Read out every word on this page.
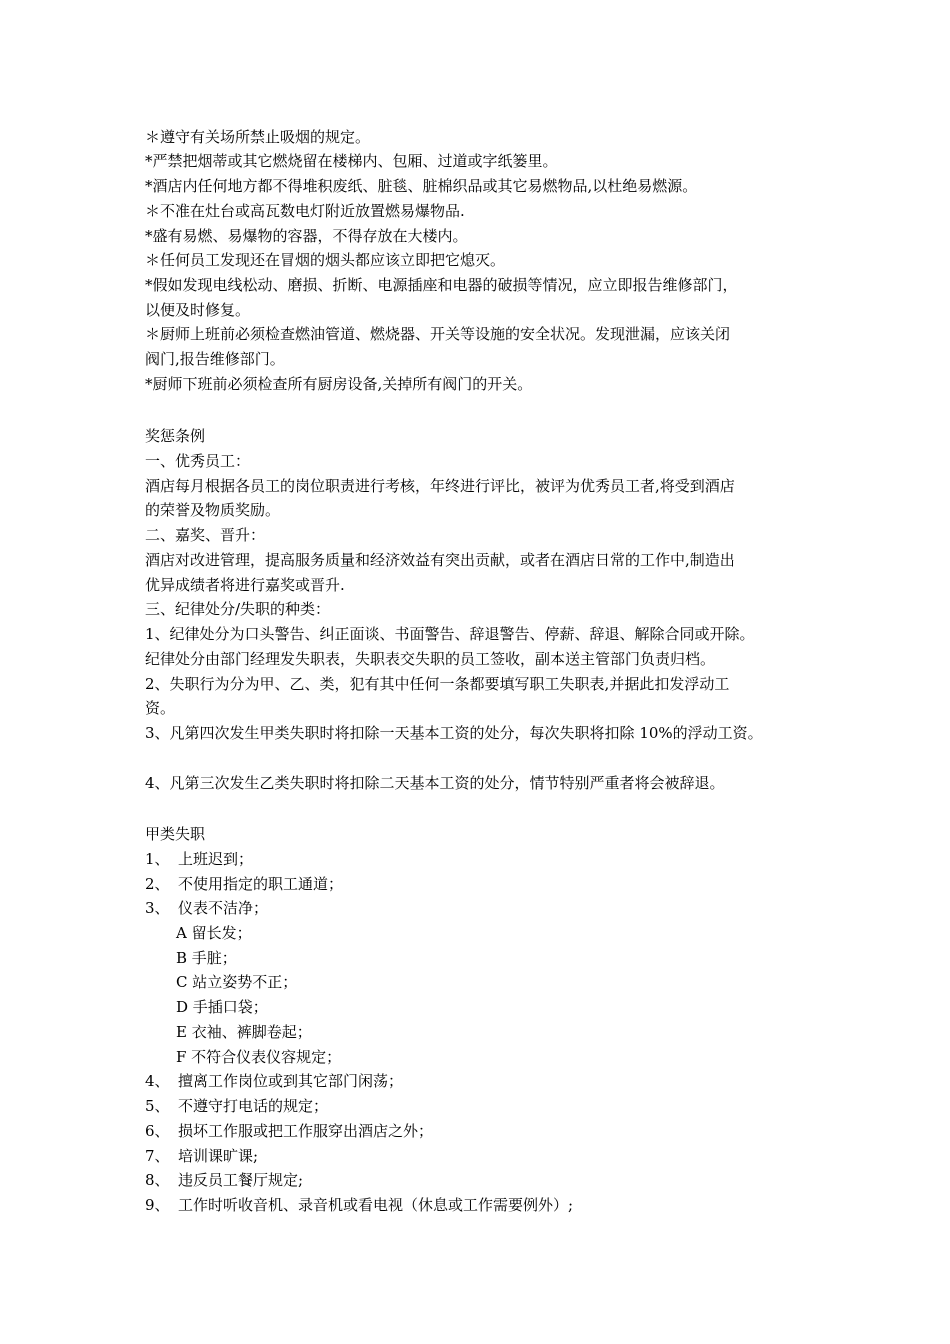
＊遵守有关场所禁止吸烟的规定。
*严禁把烟蒂或其它燃烧留在楼梯内、包厢、过道或字纸篓里。
*酒店内任何地方都不得堆积废纸、脏毯、脏棉织品或其它易燃物品,以杜绝易燃源。
＊不准在灶台或高瓦数电灯附近放置燃易爆物品.
*盛有易燃、易爆物的容器，不得存放在大楼内。
＊任何员工发现还在冒烟的烟头都应该立即把它熄灭。
*假如发现电线松动、磨损、折断、电源插座和电器的破损等情况，应立即报告维修部门，
以便及时修复。
＊厨师上班前必须检查燃油管道、燃烧器、开关等设施的安全状况。发现泄漏，应该关闭
阀门,报告维修部门。
*厨师下班前必须检查所有厨房设备,关掉所有阀门的开关。
奖惩条例
一、优秀员工：
酒店每月根据各员工的岗位职责进行考核，年终进行评比，被评为优秀员工者,将受到酒店
的荣誉及物质奖励。
二、嘉奖、晋升：
酒店对改进管理，提高服务质量和经济效益有突出贡献，或者在酒店日常的工作中,制造出
优异成绩者将进行嘉奖或晋升.
三、纪律处分/失职的种类：
1、纪律处分为口头警告、纠正面谈、书面警告、辞退警告、停薪、辞退、解除合同或开除。
纪律处分由部门经理发失职表，失职表交失职的员工签收，副本送主管部门负责归档。
2、失职行为分为甲、乙、类，犯有其中任何一条都要填写职工失职表,并据此扣发浮动工
资。
3、凡第四次发生甲类失职时将扣除一天基本工资的处分，每次失职将扣除 10%的浮动工资。
4、凡第三次发生乙类失职时将扣除二天基本工资的处分，情节特别严重者将会被辞退。
甲类失职
1、 上班迟到；
2、 不使用指定的职工通道；
3、 仪表不洁净；
A 留长发；
B 手脏；
C 站立姿势不正；
D 手插口袋；
E 衣袖、裤脚卷起；
F 不符合仪表仪容规定；
4、 擅离工作岗位或到其它部门闲荡；
5、 不遵守打电话的规定；
6、 损坏工作服或把工作服穿出酒店之外；
7、 培训课旷课;
8、 违反员工餐厅规定;
9、 工作时听收音机、录音机或看电视（休息或工作需要例外）;
